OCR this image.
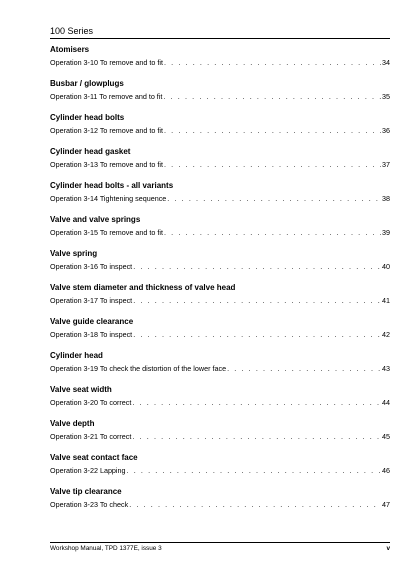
100 Series
Atomisers
Operation 3-10 To remove and to fit . . .	34
Busbar / glowplugs
Operation 3-11 To remove and to fit . . .	35
Cylinder head bolts
Operation 3-12 To remove and to fit . . .	36
Cylinder head gasket
Operation 3-13 To remove and to fit . . .	37
Cylinder head bolts - all variants
Operation 3-14 Tightening sequence . . .	38
Valve and valve springs
Operation 3-15 To remove and to fit . . .	39
Valve spring
Operation 3-16 To inspect . . .	40
Valve stem diameter and thickness of valve head
Operation 3-17 To inspect . . .	41
Valve guide clearance
Operation 3-18 To inspect . . .	42
Cylinder head
Operation 3-19 To check the distortion of the lower face . . .	43
Valve seat width
Operation 3-20 To correct . . .	44
Valve depth
Operation 3-21 To correct . . .	45
Valve seat contact face
Operation 3-22 Lapping . . .	46
Valve tip clearance
Operation 3-23 To check . . .	47
Workshop Manual, TPD 1377E, issue 3	v
